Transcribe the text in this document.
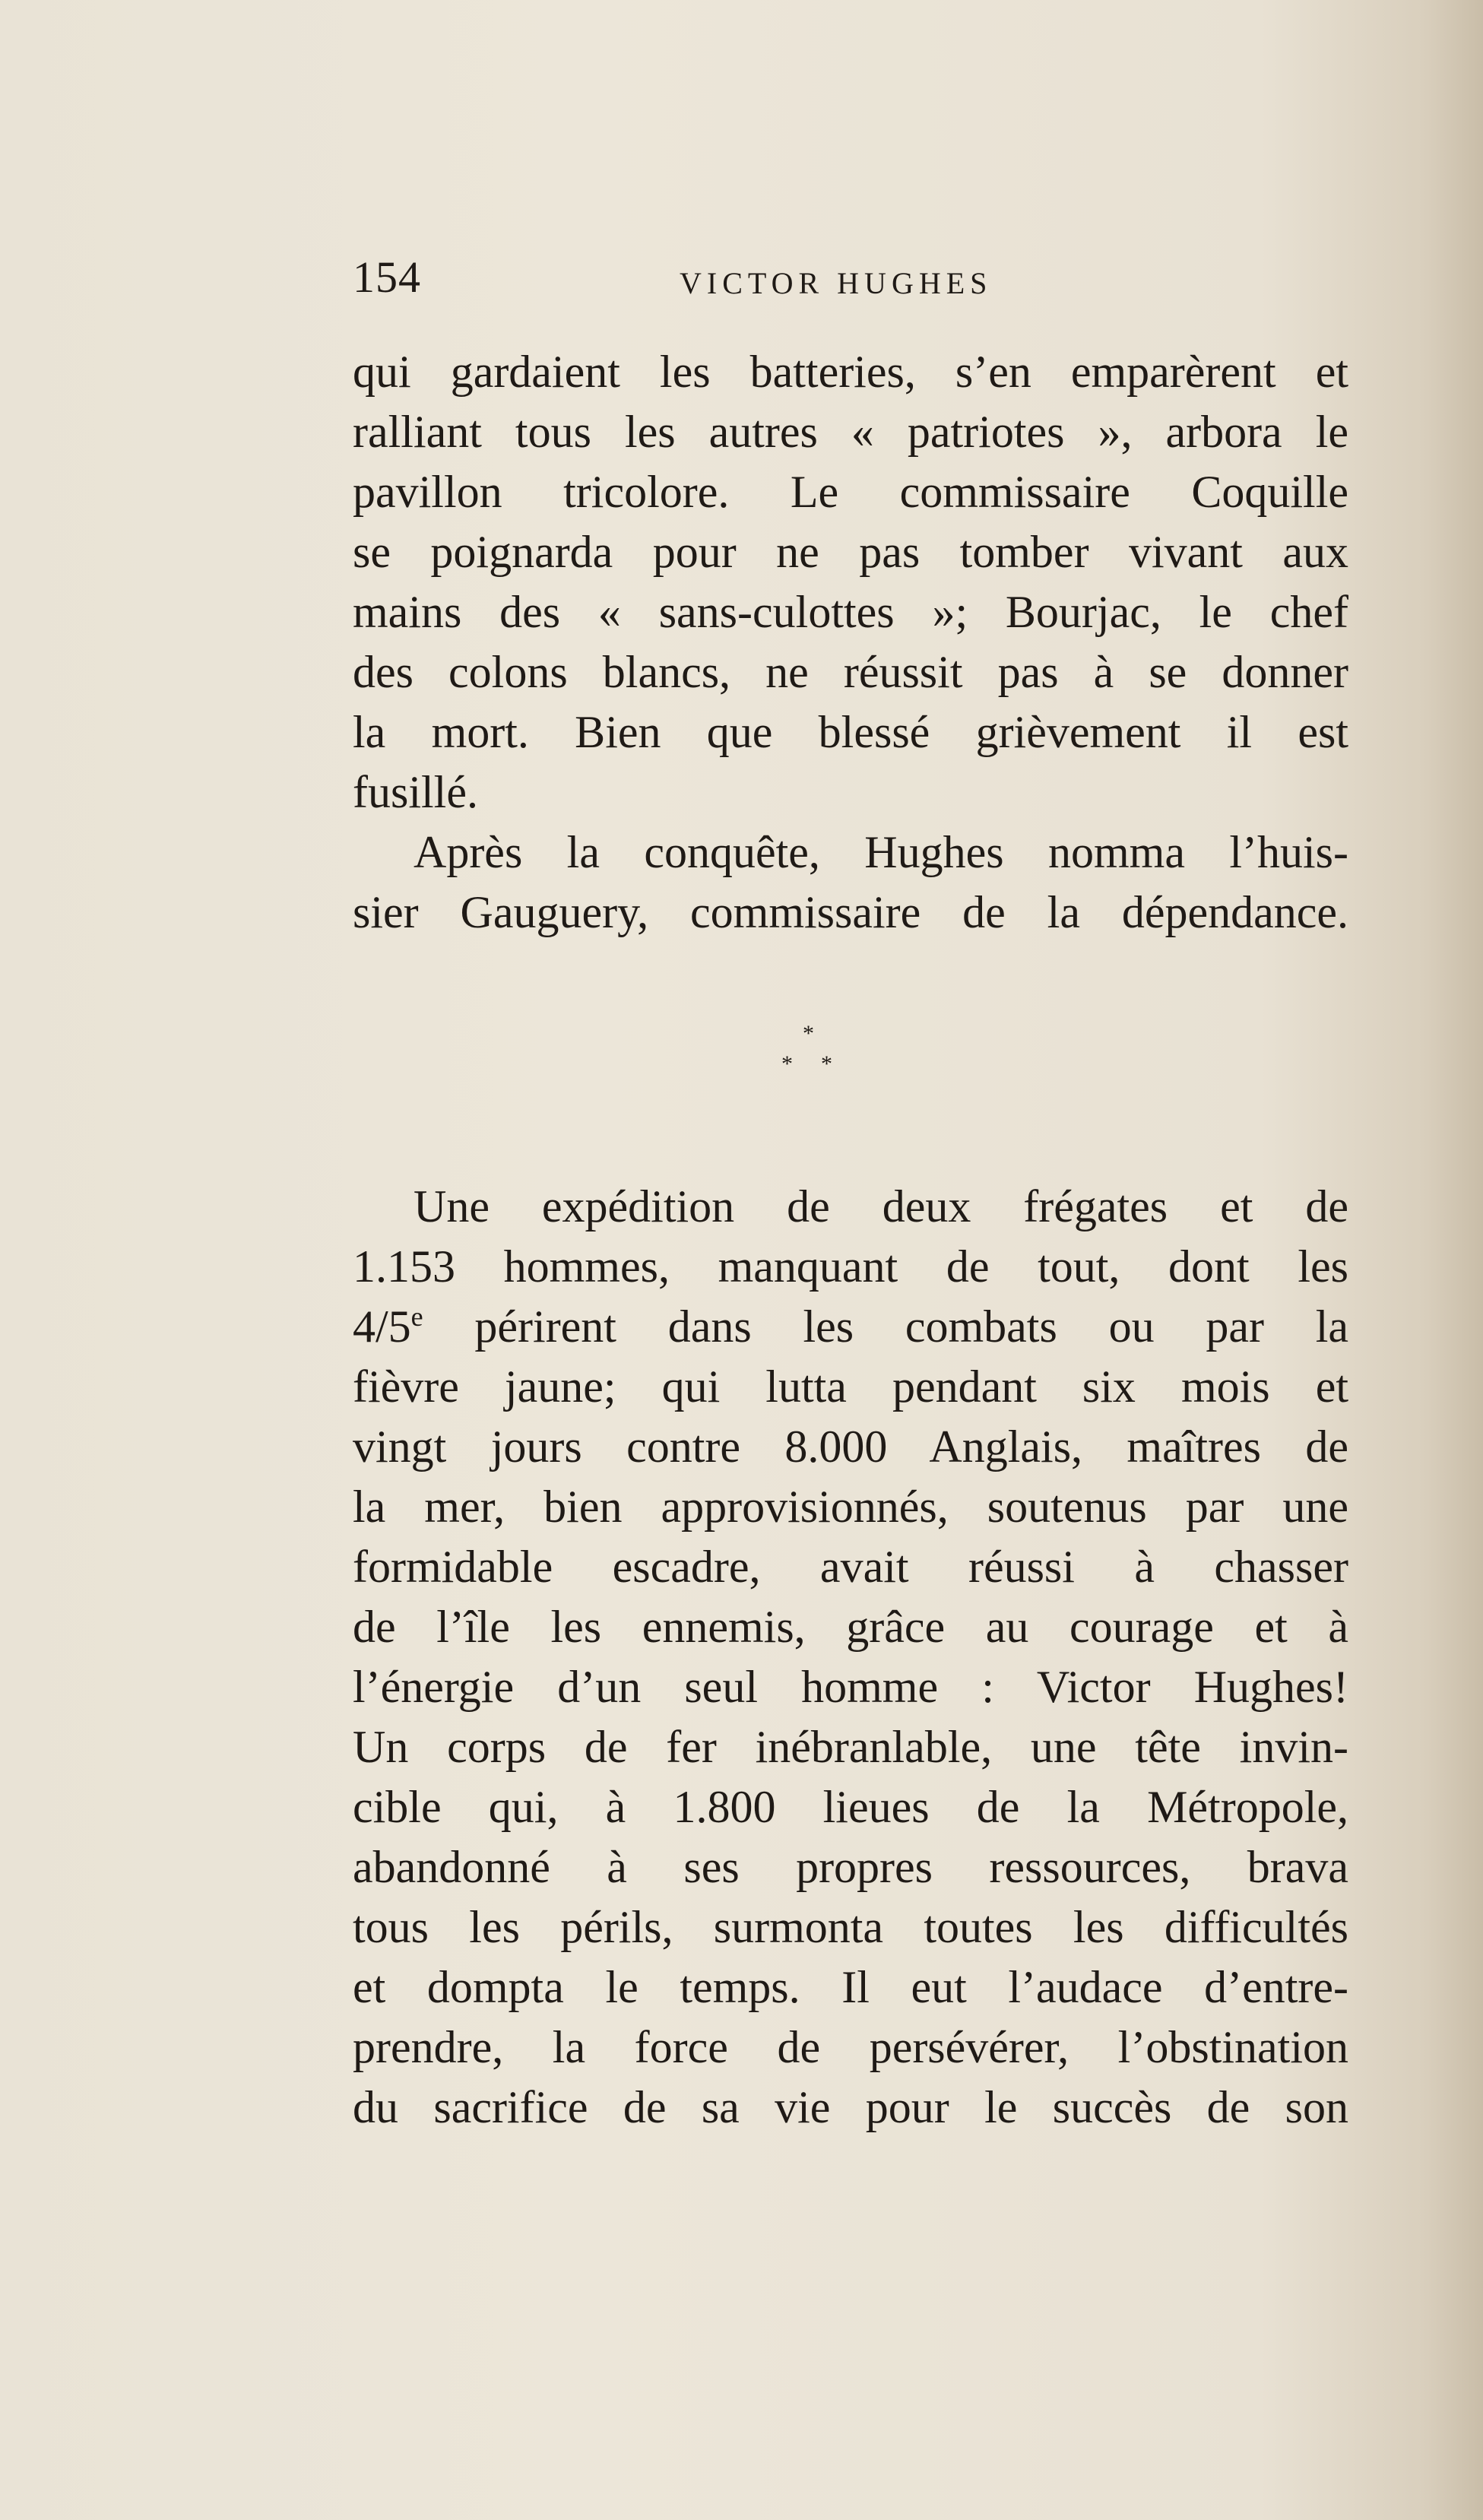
154	VICTOR HUGHES
qui gardaient les batteries, s’en emparèrent et
ralliant tous les autres « patriotes », arbora le
pavillon tricolore. Le commissaire Coquille
se poignarda pour ne pas tomber vivant aux
mains des « sans-culottes »; Bourjac, le chef
des colons blancs, ne réussit pas à se donner
la mort. Bien que blessé grièvement il est
fusillé.
Après la conquête, Hughes nomma l’huis-
sier Gauguery, commissaire de la dépendance.
*
* *
Une expédition de deux frégates et de
1.153 hommes, manquant de tout, dont les
4/5e périrent dans les combats ou par la
fièvre jaune; qui lutta pendant six mois et
vingt jours contre 8.000 Anglais, maîtres de
la mer, bien approvisionnés, soutenus par une
formidable escadre, avait réussi à chasser
de l’île les ennemis, grâce au courage et à
l’énergie d’un seul homme : Victor Hughes!
Un corps de fer inébranlable, une tête invin-
cible qui, à 1.800 lieues de la Métropole,
abandonné à ses propres ressources, brava
tous les périls, surmonta toutes les difficultés
et dompta le temps. Il eut l’audace d’entre-
prendre, la force de persévérer, l’obstination
du sacrifice de sa vie pour le succès de son
